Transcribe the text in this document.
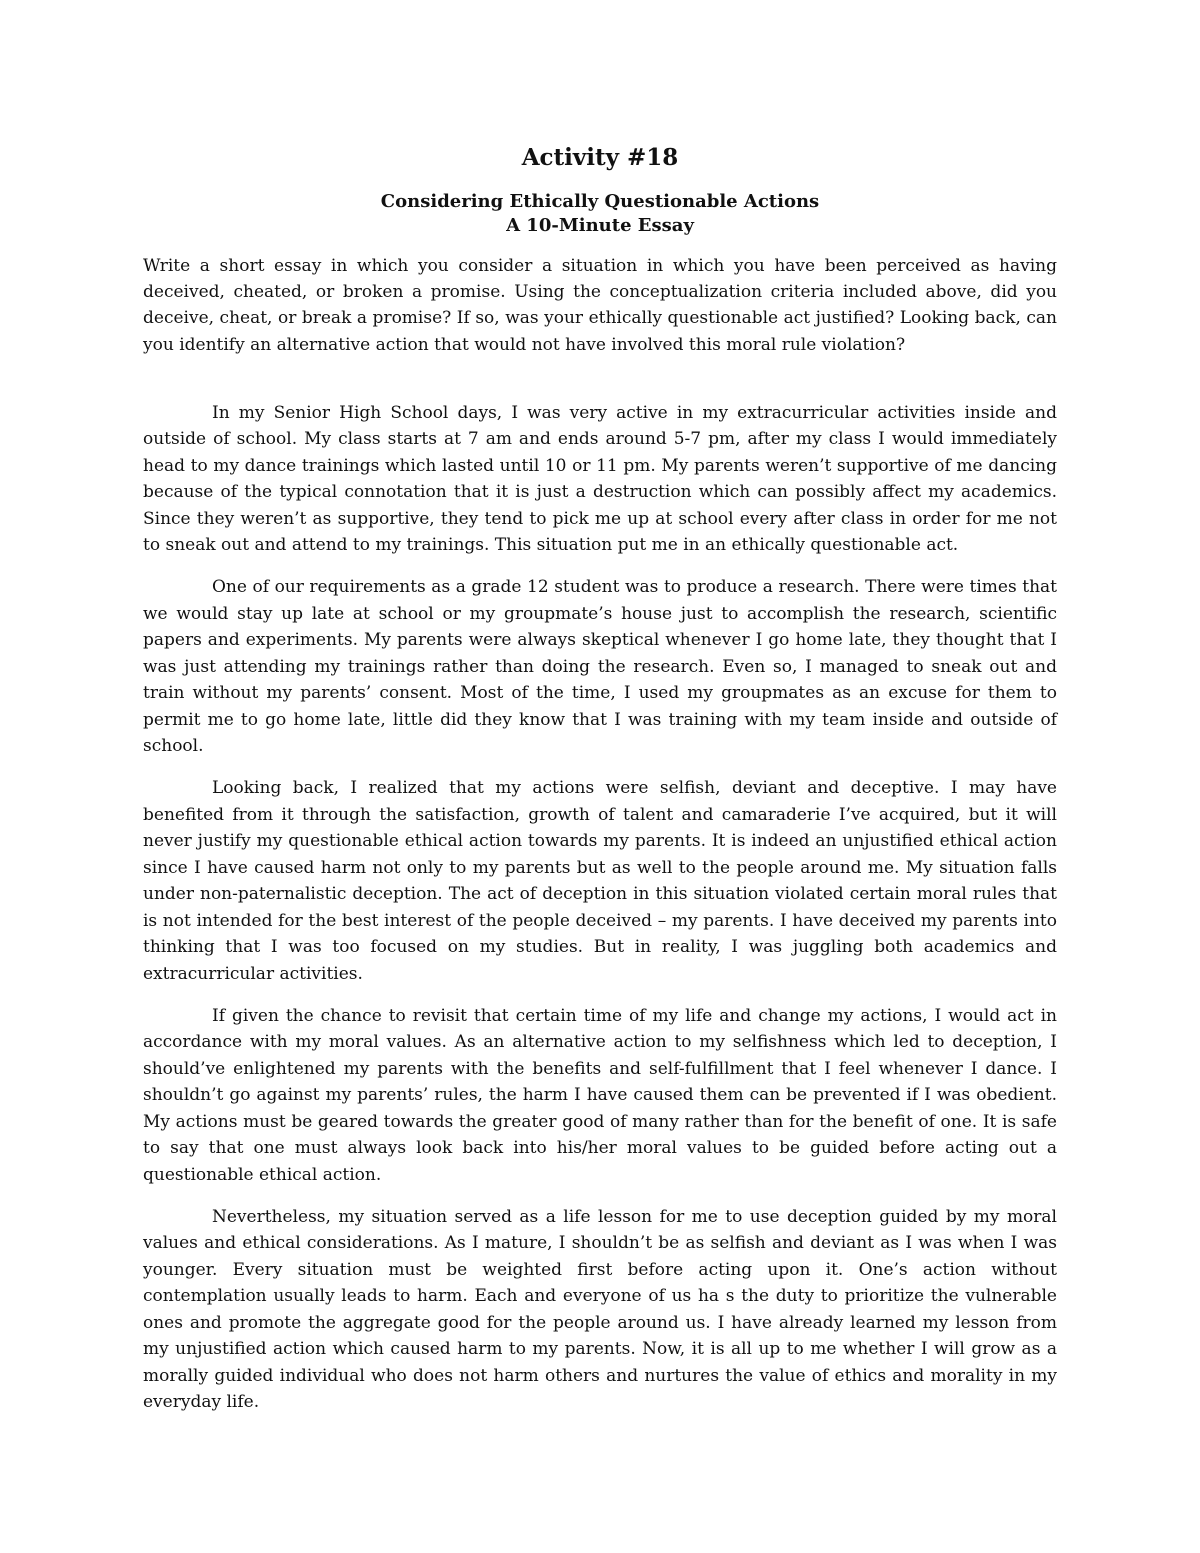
Activity #18
Considering Ethically Questionable Actions
A 10-Minute Essay

Write a short essay in which you consider a situation in which you have been perceived as having deceived, cheated, or broken a promise. Using the conceptualization criteria included above, did you deceive, cheat, or break a promise? If so, was your ethically questionable act justified? Looking back, can you identify an alternative action that would not have involved this moral rule violation?

In my Senior High School days, I was very active in my extracurricular activities inside and outside of school. My class starts at 7 am and ends around 5-7 pm, after my class I would immediately head to my dance trainings which lasted until 10 or 11 pm. My parents weren’t supportive of me dancing because of the typical connotation that it is just a destruction which can possibly affect my academics. Since they weren’t as supportive, they tend to pick me up at school every after class in order for me not to sneak out and attend to my trainings. This situation put me in an ethically questionable act.

One of our requirements as a grade 12 student was to produce a research. There were times that we would stay up late at school or my groupmate’s house just to accomplish the research, scientific papers and experiments. My parents were always skeptical whenever I go home late, they thought that I was just attending my trainings rather than doing the research. Even so, I managed to sneak out and train without my parents’ consent. Most of the time, I used my groupmates as an excuse for them to permit me to go home late, little did they know that I was training with my team inside and outside of school.

Looking back, I realized that my actions were selfish, deviant and deceptive. I may have benefited from it through the satisfaction, growth of talent and camaraderie I’ve acquired, but it will never justify my questionable ethical action towards my parents. It is indeed an unjustified ethical action since I have caused harm not only to my parents but as well to the people around me. My situation falls under non-paternalistic deception. The act of deception in this situation violated certain moral rules that is not intended for the best interest of the people deceived – my parents. I have deceived my parents into thinking that I was too focused on my studies. But in reality, I was juggling both academics and extracurricular activities.

If given the chance to revisit that certain time of my life and change my actions, I would act in accordance with my moral values. As an alternative action to my selfishness which led to deception, I should’ve enlightened my parents with the benefits and self-fulfillment that I feel whenever I dance. I shouldn’t go against my parents’ rules, the harm I have caused them can be prevented if I was obedient. My actions must be geared towards the greater good of many rather than for the benefit of one. It is safe to say that one must always look back into his/her moral values to be guided before acting out a questionable ethical action.

Nevertheless, my situation served as a life lesson for me to use deception guided by my moral values and ethical considerations. As I mature, I shouldn’t be as selfish and deviant as I was when I was younger. Every situation must be weighted first before acting upon it. One’s action without contemplation usually leads to harm. Each and everyone of us ha s the duty to prioritize the vulnerable ones and promote the aggregate good for the people around us. I have already learned my lesson from my unjustified action which caused harm to my parents. Now, it is all up to me whether I will grow as a morally guided individual who does not harm others and nurtures the value of ethics and morality in my everyday life.
